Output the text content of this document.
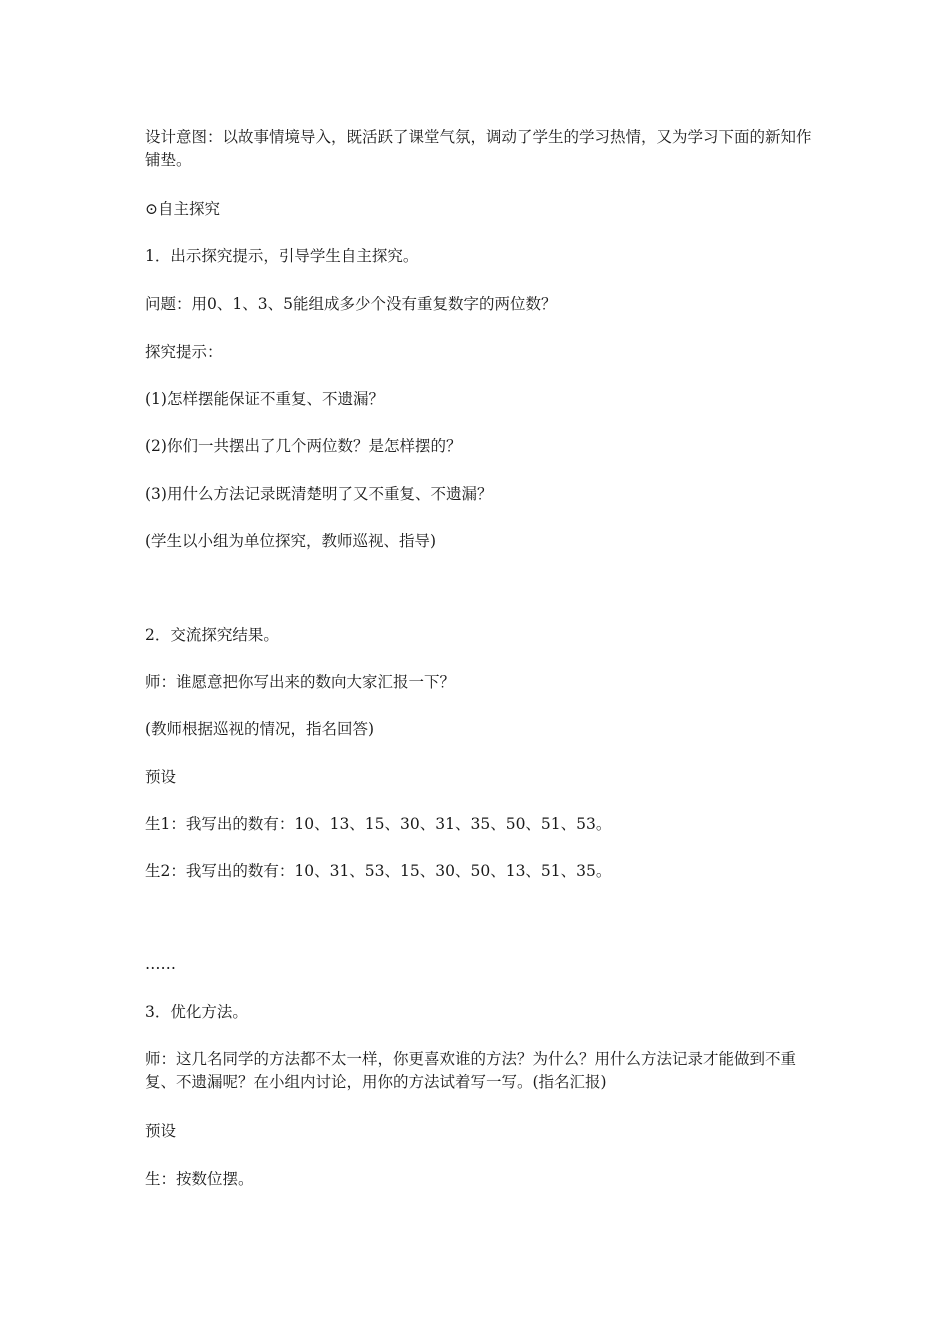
设计意图：以故事情境导入，既活跃了课堂气氛，调动了学生的学习热情，又为学习下面的新知作铺垫。
⊙自主探究
1．出示探究提示，引导学生自主探究。
问题：用0、1、3、5能组成多少个没有重复数字的两位数？
探究提示：
(1)怎样摆能保证不重复、不遗漏？
(2)你们一共摆出了几个两位数？是怎样摆的？
(3)用什么方法记录既清楚明了又不重复、不遗漏？
(学生以小组为单位探究，教师巡视、指导)
2．交流探究结果。
师：谁愿意把你写出来的数向大家汇报一下？
(教师根据巡视的情况，指名回答)
预设
生1：我写出的数有：10、13、15、30、31、35、50、51、53。
生2：我写出的数有：10、31、53、15、30、50、13、51、35。
……
3．优化方法。
师：这几名同学的方法都不太一样，你更喜欢谁的方法？为什么？用什么方法记录才能做到不重复、不遗漏呢？在小组内讨论，用你的方法试着写一写。(指名汇报)
预设
生：按数位摆。
